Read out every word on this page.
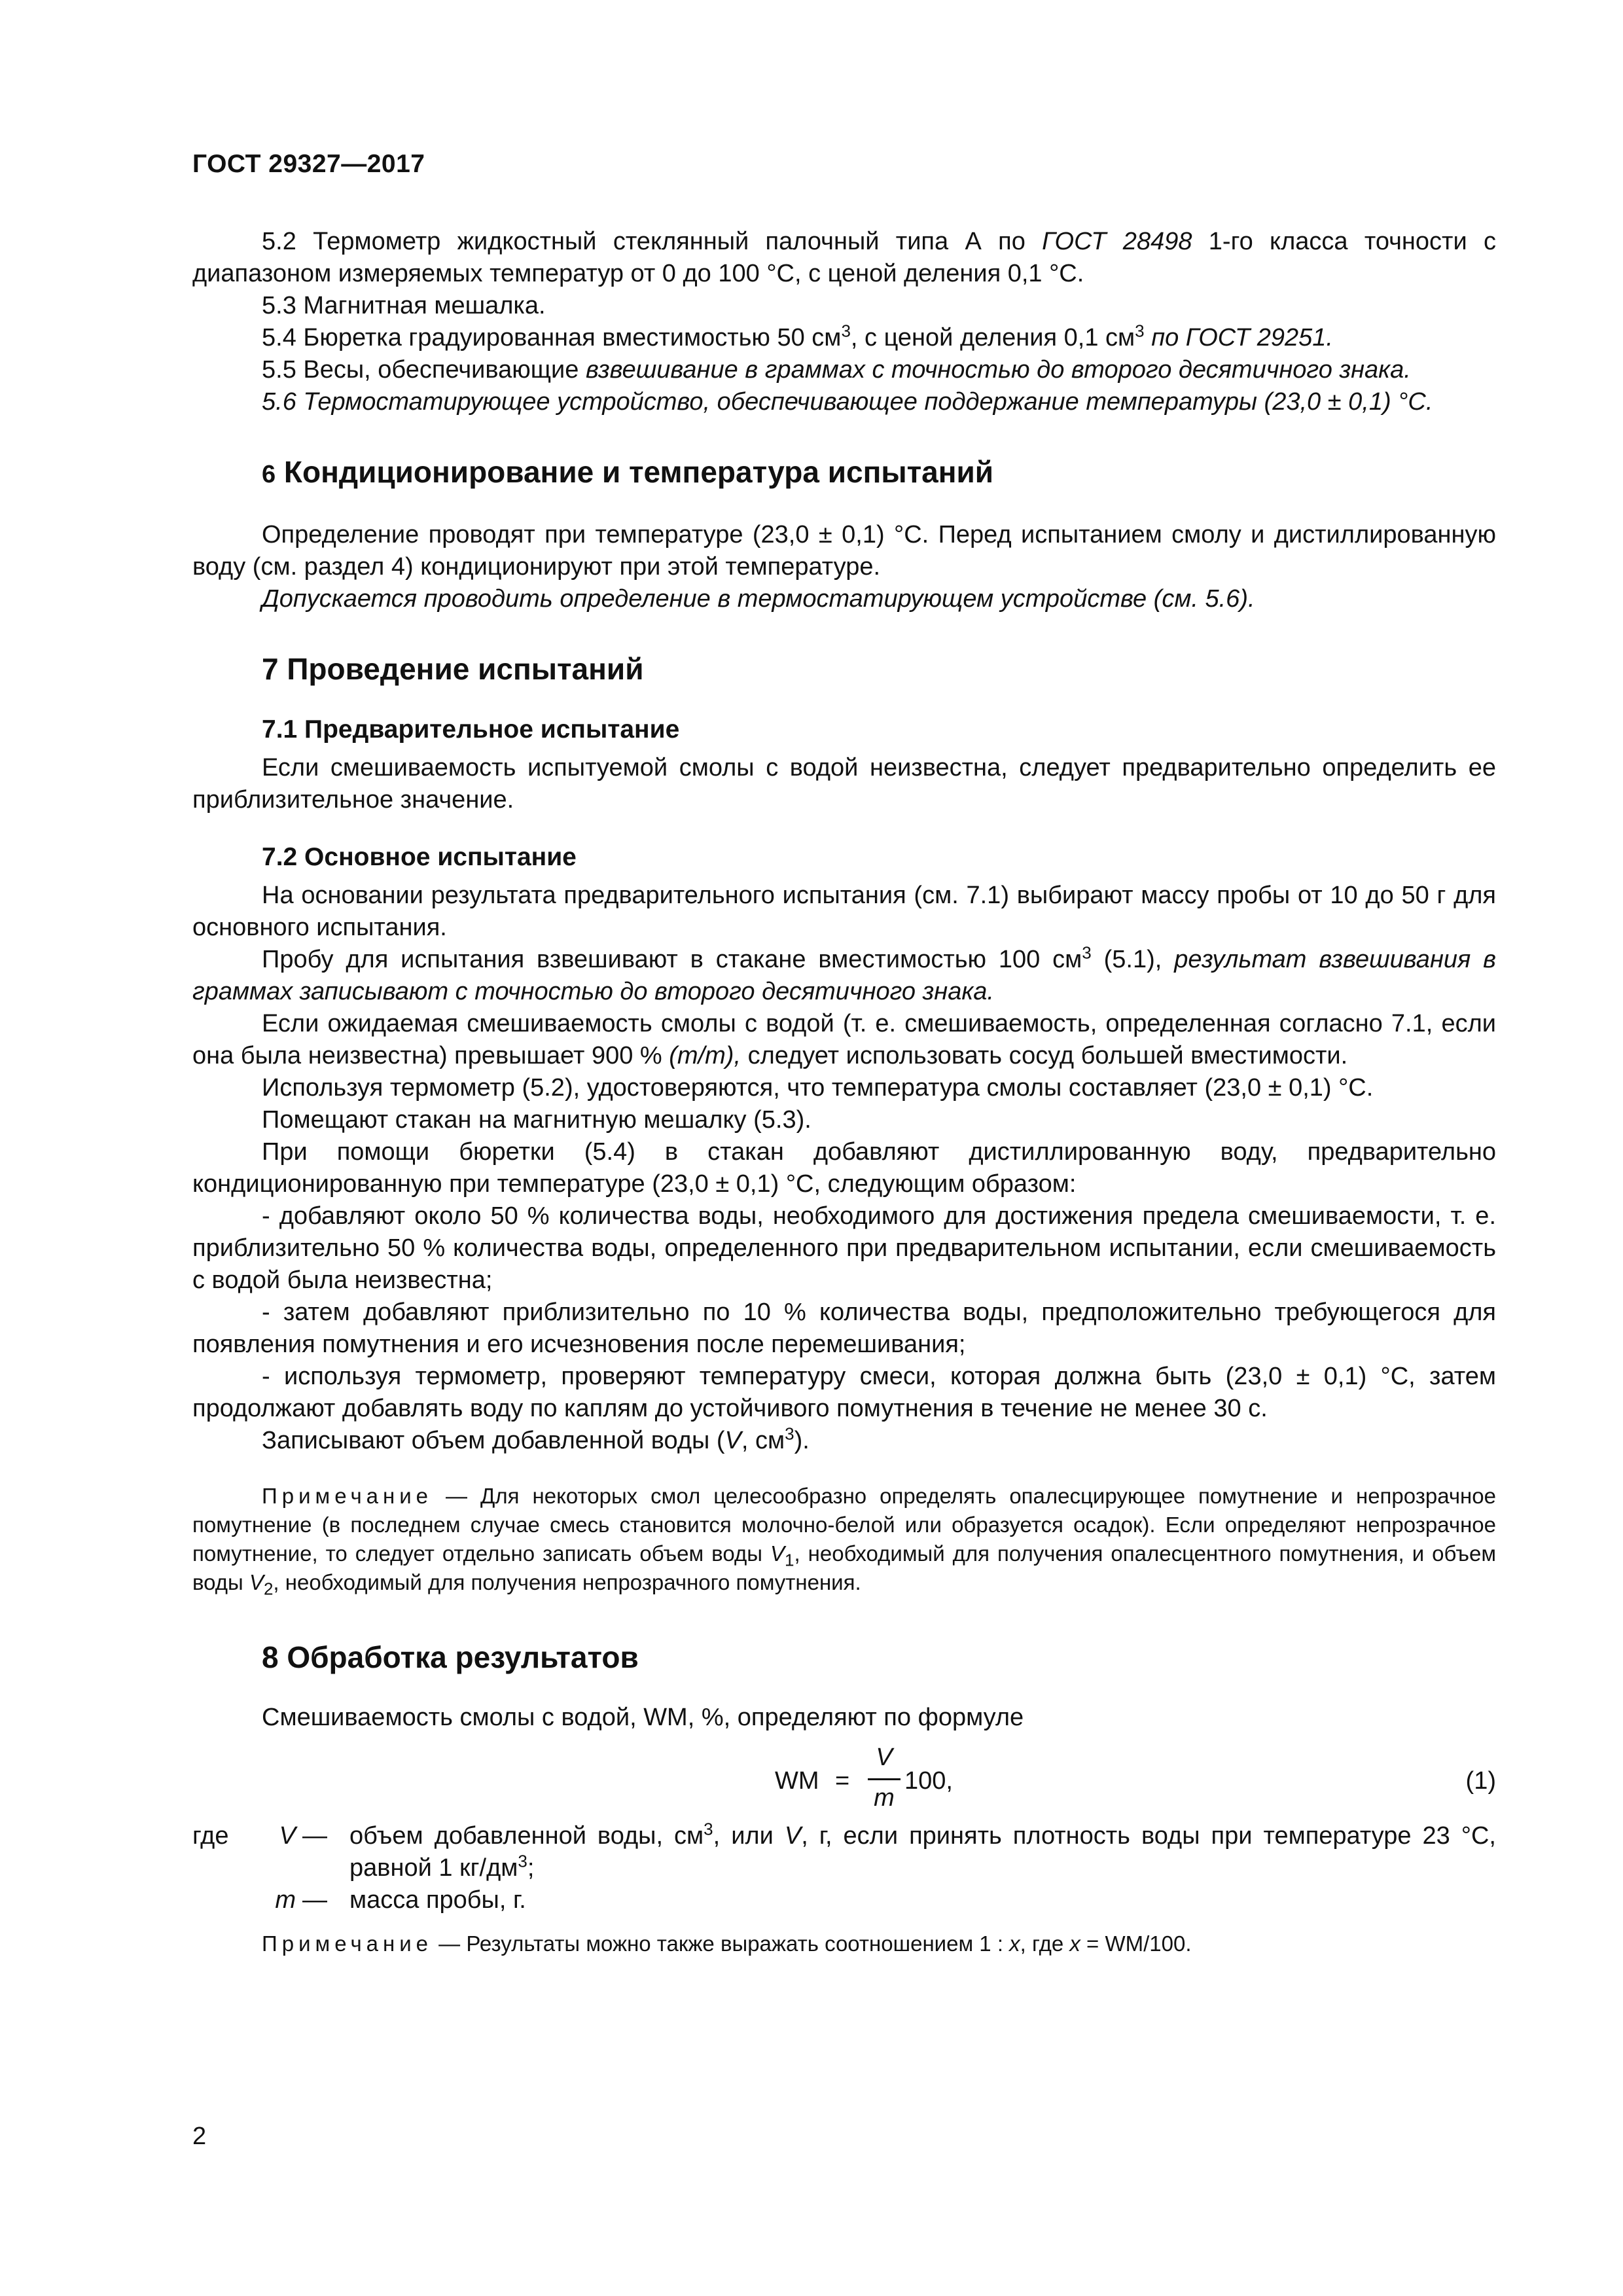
ГОСТ 29327—2017

5.2 Термометр жидкостный стеклянный палочный типа А по ГОСТ 28498 1-го класса точности с диапазоном измеряемых температур от 0 до 100 °C, с ценой деления 0,1 °C.

5.3 Магнитная мешалка.

5.4 Бюретка градуированная вместимостью 50 $см^3$, с ценой деления 0,1 $см^3$ по ГОСТ 29251.

5.5 Весы, обеспечивающие взвешивание в граммах с точностью до второго десятичного знака.

5.6 Термостатирующее устройство, обеспечивающее поддержание температуры (23,0 ± 0,1) °C.

6 Кондиционирование и температура испытаний

Определение проводят при температуре (23,0 ± 0,1) °C. Перед испытанием смолу и дистиллированную воду (см. раздел 4) кондиционируют при этой температуре.

Допускается проводить определение в термостатирующем устройстве (см. 5.6).

7 Проведение испытаний
7.1 Предварительное испытание

Если смешиваемость испытуемой смолы с водой неизвестна, следует предварительно определить ее приблизительное значение.

7.2 Основное испытание

На основании результата предварительного испытания (см. 7.1) выбирают массу пробы от 10 до 50 г для основного испытания.

Пробу для испытания взвешивают в стакане вместимостью 100 $см^3$ (5.1), результат взвешивания в граммах записывают с точностью до второго десятичного знака.

Если ожидаемая смешиваемость смолы с водой (т. е. смешиваемость, определенная согласно 7.1, если она была неизвестна) превышает 900 % (m/m), следует использовать сосуд большей вместимости.

Используя термометр (5.2), удостоверяются, что температура смолы составляет (23,0 ± 0,1) °C.

Помещают стакан на магнитную мешалку (5.3).

При помощи бюретки (5.4) в стакан добавляют дистиллированную воду, предварительно кондиционированную при температуре (23,0 ± 0,1) °C, следующим образом:

- добавляют около 50 % количества воды, необходимого для достижения предела смешиваемости, т. е. приблизительно 50 % количества воды, определенного при предварительном испытании, если смешиваемость с водой была неизвестна;

- затем добавляют приблизительно по 10 % количества воды, предположительно требующегося для появления помутнения и его исчезновения после перемешивания;

- используя термометр, проверяют температуру смеси, которая должна быть (23,0 ± 0,1) °C, затем продолжают добавлять воду по каплям до устойчивого помутнения в течение не менее 30 с.

Записывают объем добавленной воды (V, $см^3$).

Примечание — Для некоторых смол целесообразно определять опалесцирующее помутнение и непрозрачное помутнение (в последнем случае смесь становится молочно-белой или образуется осадок). Если определяют непрозрачное помутнение, то следует отдельно записать объем воды $V_1$, необходимый для получения опалесцентного помутнения, и объем воды $V_2$, необходимый для получения непрозрачного помутнения.

8 Обработка результатов

Смешиваемость смолы с водой, WM, %, определяют по формуле

WM =
V
m
100,	(1)
где	V — объем добавленной воды, $см^3$, или V, г, если принять плотность воды при температуре 23 °C, равной 1 $кг/дм^3$;

m — масса пробы, г.

Примечание — Результаты можно также выражать соотношением 1 : x, где x = WM/100.

2
